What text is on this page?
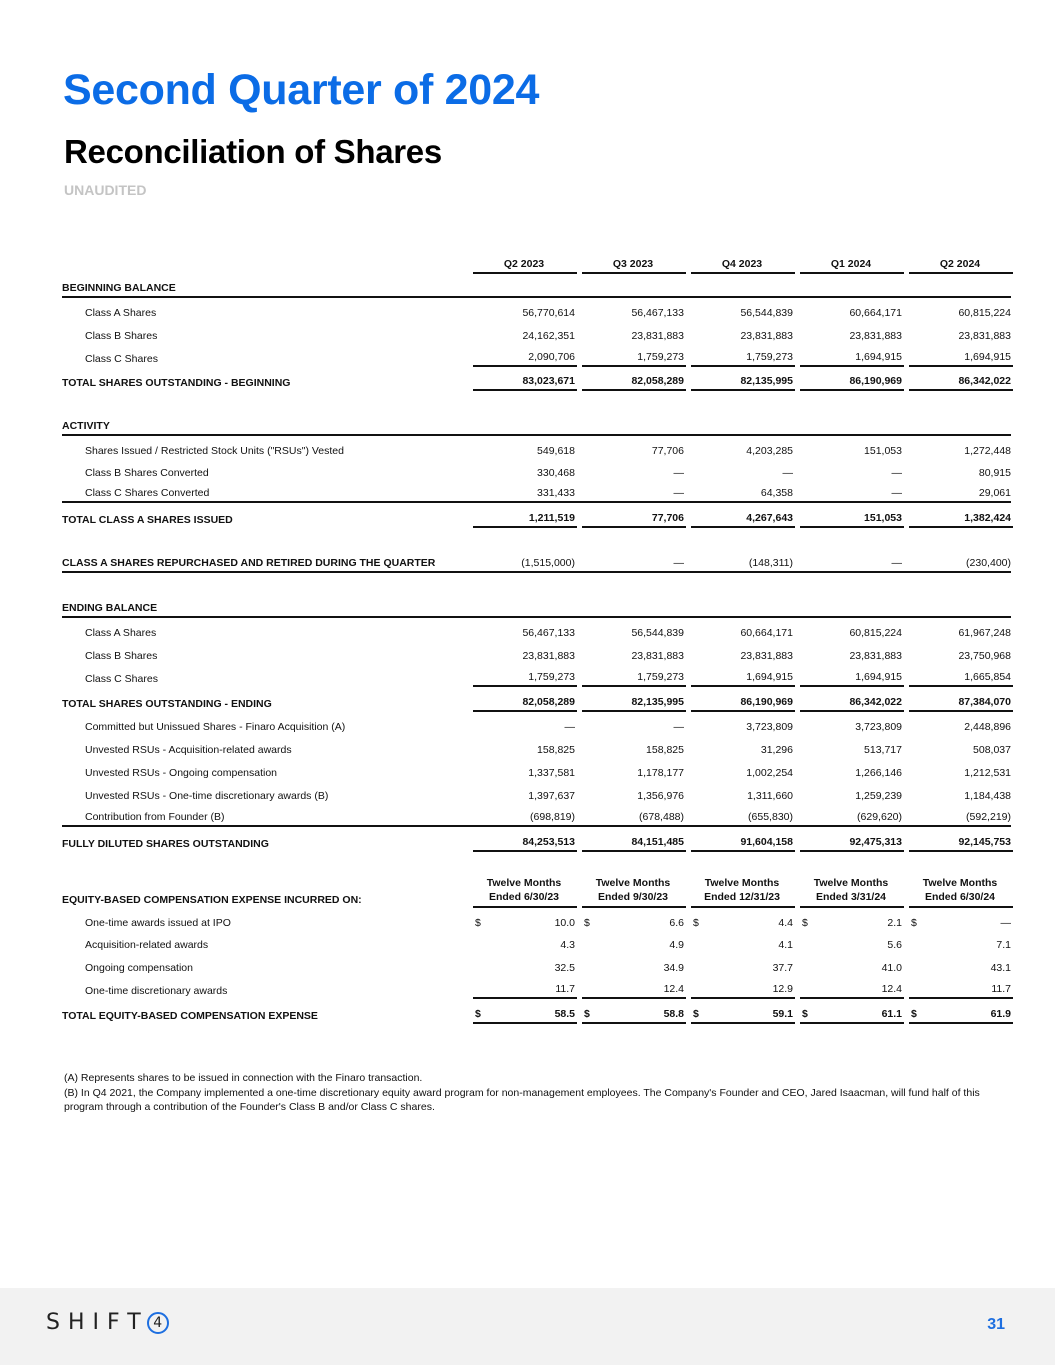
Second Quarter of 2024
Reconciliation of Shares
UNAUDITED
Q2 2023	Q3 2023	Q4 2023	Q1 2024	Q2 2024
BEGINNING BALANCE
Class A Shares	56,770,614	56,467,133	56,544,839	60,664,171	60,815,224
Class B Shares	24,162,351	23,831,883	23,831,883	23,831,883	23,831,883
Class C Shares	2,090,706	1,759,273	1,759,273	1,694,915	1,694,915
TOTAL SHARES OUTSTANDING - BEGINNING	83,023,671	82,058,289	82,135,995	86,190,969	86,342,022
ACTIVITY
Shares Issued / Restricted Stock Units ("RSUs") Vested	549,618	77,706	4,203,285	151,053	1,272,448
Class B Shares Converted	330,468	—	—	—	80,915
Class C Shares Converted	331,433	—	64,358	—	29,061
TOTAL CLASS A SHARES ISSUED	1,211,519	77,706	4,267,643	151,053	1,382,424
CLASS A SHARES REPURCHASED AND RETIRED DURING THE QUARTER	(1,515,000)	—	(148,311)	—	(230,400)
ENDING BALANCE
Class A Shares	56,467,133	56,544,839	60,664,171	60,815,224	61,967,248
Class B Shares	23,831,883	23,831,883	23,831,883	23,831,883	23,750,968
Class C Shares	1,759,273	1,759,273	1,694,915	1,694,915	1,665,854
TOTAL SHARES OUTSTANDING - ENDING	82,058,289	82,135,995	86,190,969	86,342,022	87,384,070
Committed but Unissued Shares - Finaro Acquisition (A)	—	—	3,723,809	3,723,809	2,448,896
Unvested RSUs - Acquisition-related awards	158,825	158,825	31,296	513,717	508,037
Unvested RSUs - Ongoing compensation	1,337,581	1,178,177	1,002,254	1,266,146	1,212,531
Unvested RSUs - One-time discretionary awards (B)	1,397,637	1,356,976	1,311,660	1,259,239	1,184,438
Contribution from Founder (B)	(698,819)	(678,488)	(655,830)	(629,620)	(592,219)
FULLY DILUTED SHARES OUTSTANDING	84,253,513	84,151,485	91,604,158	92,475,313	92,145,753
EQUITY-BASED COMPENSATION EXPENSE INCURRED ON:
Twelve Months
Ended 6/30/23
Twelve Months
Ended 9/30/23
Twelve Months
Ended 12/31/23
Twelve Months
Ended 3/31/24
Twelve Months
Ended 6/30/24
One-time awards issued at IPO	$	10.0 $	6.6 $	4.4 $	2.1 $	—
Acquisition-related awards	4.3	4.9	4.1	5.6	7.1
Ongoing compensation	32.5	34.9	37.7	41.0	43.1
One-time discretionary awards	11.7	12.4	12.9	12.4	11.7
TOTAL EQUITY-BASED COMPENSATION EXPENSE	$	58.5 $	58.8 $	59.1 $	61.1 $	61.9
(A) Represents shares to be issued in connection with the Finaro transaction.
(B) In Q4 2021, the Company implemented a one-time discretionary equity award program for non-management employees. The Company's Founder and CEO, Jared Isaacman, will fund half of this program through a contribution of the Founder's Class B and/or Class C shares.
SHIFT 4	31
